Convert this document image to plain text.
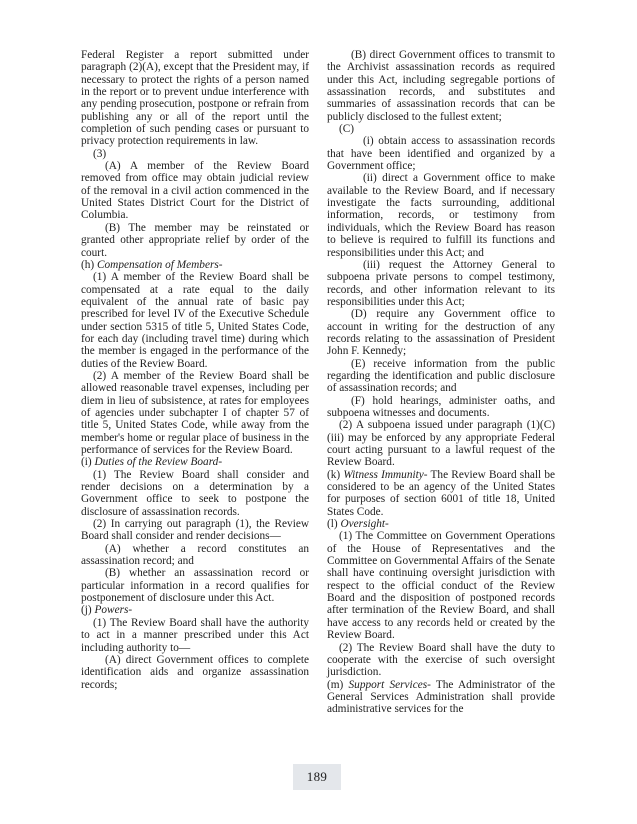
Federal Register a report submitted under paragraph (2)(A), except that the President may, if necessary to protect the rights of a person named in the report or to prevent undue interference with any pending prosecution, postpone or refrain from publishing any or all of the report until the completion of such pending cases or pursuant to privacy protection requirements in law.

(3)

(A) A member of the Review Board removed from office may obtain judicial review of the removal in a civil action commenced in the United States District Court for the District of Columbia.

(B) The member may be reinstated or granted other appropriate relief by order of the court.

(h) Compensation of Members-

(1) A member of the Review Board shall be compensated at a rate equal to the daily equivalent of the annual rate of basic pay prescribed for level IV of the Executive Schedule under section 5315 of title 5, United States Code, for each day (including travel time) during which the member is engaged in the performance of the duties of the Review Board.

(2) A member of the Review Board shall be allowed reasonable travel expenses, including per diem in lieu of subsistence, at rates for employees of agencies under subchapter I of chapter 57 of title 5, United States Code, while away from the member's home or regular place of business in the performance of services for the Review Board.

(i) Duties of the Review Board-

(1) The Review Board shall consider and render decisions on a determination by a Government office to seek to postpone the disclosure of assassination records.

(2) In carrying out paragraph (1), the Review Board shall consider and render decisions—

(A) whether a record constitutes an assassination record; and

(B) whether an assassination record or particular information in a record qualifies for postponement of disclosure under this Act.

(j) Powers-

(1) The Review Board shall have the authority to act in a manner prescribed under this Act including authority to—

(A) direct Government offices to complete identification aids and organize assassination records;

(B) direct Government offices to transmit to the Archivist assassination records as required under this Act, including segregable portions of assassination records, and substitutes and summaries of assassination records that can be publicly disclosed to the fullest extent;

(C)

(i) obtain access to assassination records that have been identified and organized by a Government office;

(ii) direct a Government office to make available to the Review Board, and if necessary investigate the facts surrounding, additional information, records, or testimony from individuals, which the Review Board has reason to believe is required to fulfill its functions and responsibilities under this Act; and

(iii) request the Attorney General to subpoena private persons to compel testimony, records, and other information relevant to its responsibilities under this Act;

(D) require any Government office to account in writing for the destruction of any records relating to the assassination of President John F. Kennedy;

(E) receive information from the public regarding the identification and public disclosure of assassination records; and

(F) hold hearings, administer oaths, and subpoena witnesses and documents.

(2) A subpoena issued under paragraph (1)(C)(iii) may be enforced by any appropriate Federal court acting pursuant to a lawful request of the Review Board.

(k) Witness Immunity- The Review Board shall be considered to be an agency of the United States for purposes of section 6001 of title 18, United States Code.

(l) Oversight-

(1) The Committee on Government Operations of the House of Representatives and the Committee on Governmental Affairs of the Senate shall have continuing oversight jurisdiction with respect to the official conduct of the Review Board and the disposition of postponed records after termination of the Review Board, and shall have access to any records held or created by the Review Board.

(2) The Review Board shall have the duty to cooperate with the exercise of such oversight jurisdiction.

(m) Support Services- The Administrator of the General Services Administration shall provide administrative services for the

189
